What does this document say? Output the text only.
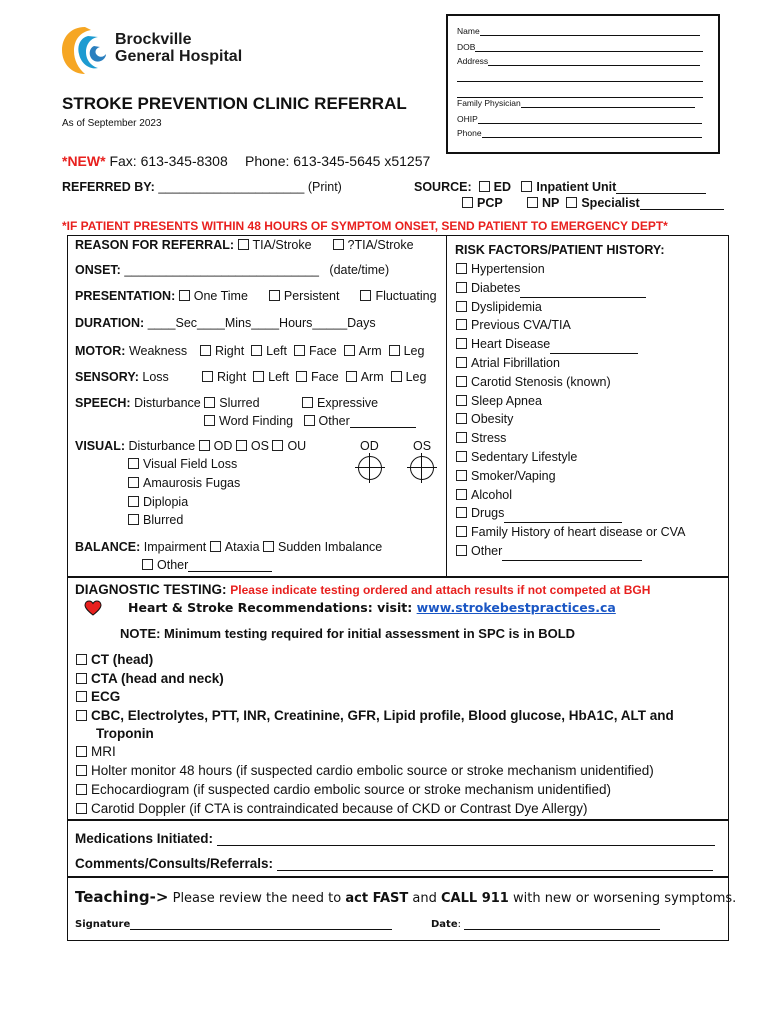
Brockville
General Hospital
Name
DOB
Address
Family Physician
OHIP
Phone
STROKE PREVENTION CLINIC REFERRAL
As of September 2023
*NEW* Fax: 613-345-8308 Phone: 613-345-5645 x51257
REFERRED BY: _____________________ (Print)	SOURCE: ED Inpatient Unit
PCP	NP Specialist
*IF PATIENT PRESENTS WITHIN 48 HOURS OF SYMPTOM ONSET, SEND PATIENT TO EMERGENCY DEPT*
REASON FOR REFERRAL: TIA/Stroke	?TIA/Stroke
ONSET: ____________________________ (date/time)
PRESENTATION: One Time	Persistent	Fluctuating
DURATION: ____Sec____Mins____Hours_____Days
MOTOR: Weakness	Right Left Face Arm Leg
SENSORY: Loss	Right Left Face Arm Leg
SPEECH: Disturbance Slurred	Expressive
Word Finding Other
VISUAL: Disturbance OD OS OU	OD	OS
Visual Field Loss
Amaurosis Fugas
Diplopia
Blurred
BALANCE: Impairment Ataxia Sudden Imbalance
Other
RISK FACTORS/PATIENT HISTORY:
Hypertension
Diabetes
Dyslipidemia
Previous CVA/TIA
Heart Disease
Atrial Fibrillation
Carotid Stenosis (known)
Sleep Apnea
Obesity
Stress
Sedentary Lifestyle
Smoker/Vaping
Alcohol
Drugs
Family History of heart disease or CVA
Other
DIAGNOSTIC TESTING: Please indicate testing ordered and attach results if not competed at BGH
Heart & Stroke Recommendations: visit: www.strokebestpractices.ca
NOTE: Minimum testing required for initial assessment in SPC is in BOLD
CT (head)
CTA (head and neck)
ECG
CBC, Electrolytes, PTT, INR, Creatinine, GFR, Lipid profile, Blood glucose, HbA1C, ALT and
Troponin
MRI
Holter monitor 48 hours (if suspected cardio embolic source or stroke mechanism unidentified)
Echocardiogram (if suspected cardio embolic source or stroke mechanism unidentified)
Carotid Doppler (if CTA is contraindicated because of CKD or Contrast Dye Allergy)
Medications Initiated:
Comments/Consults/Referrals:
Teaching-> Please review the need to act FAST and CALL 911 with new or worsening symptoms.
Signature	Date:
